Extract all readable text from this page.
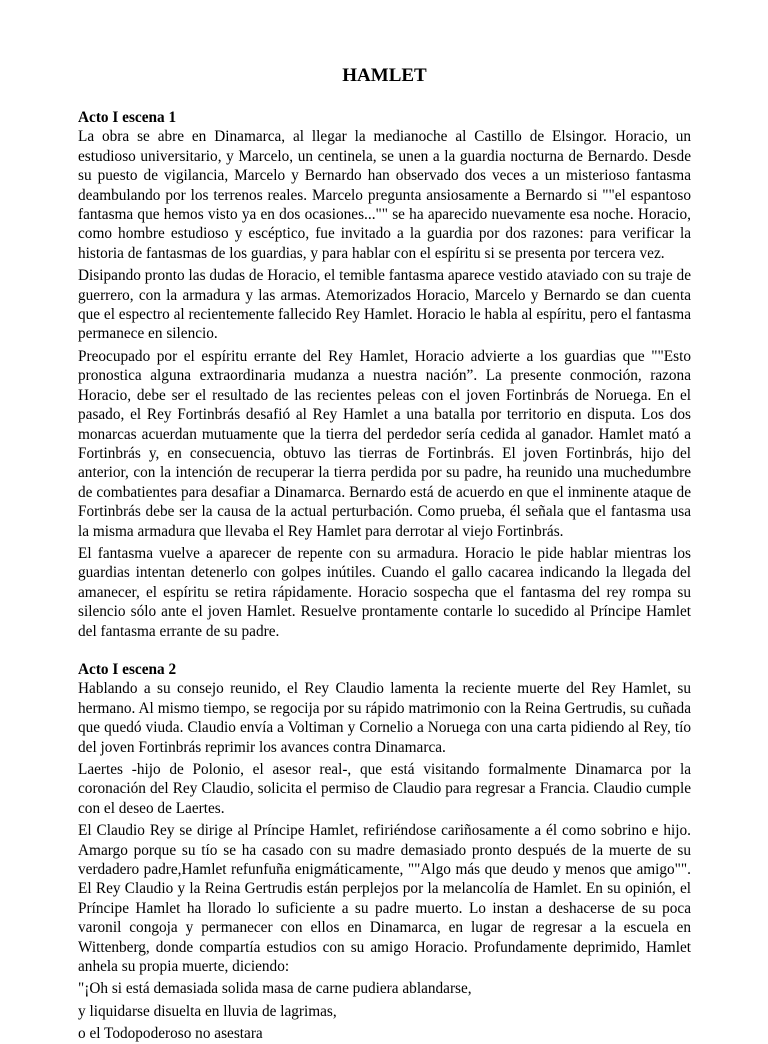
HAMLET
Acto I escena 1

La obra se abre en Dinamarca, al llegar la medianoche al Castillo de Elsingor. Horacio, un estudioso universitario, y Marcelo, un centinela, se unen a la guardia nocturna de Bernardo. Desde su puesto de vigilancia, Marcelo y Bernardo han observado dos veces a un misterioso fantasma deambulando por los terrenos reales. Marcelo pregunta ansiosamente a Bernardo si ""el espantoso fantasma que hemos visto ya en dos ocasiones..."" se ha aparecido nuevamente esa noche. Horacio, como hombre estudioso y escéptico, fue invitado a la guardia por dos razones: para verificar la historia de fantasmas de los guardias, y para hablar con el espíritu si se presenta por tercera vez.

Disipando pronto las dudas de Horacio, el temible fantasma aparece vestido ataviado con su traje de guerrero, con la armadura y las armas. Atemorizados Horacio, Marcelo y Bernardo se dan cuenta que el espectro al recientemente fallecido Rey Hamlet. Horacio le habla al espíritu, pero el fantasma permanece en silencio.

Preocupado por el espíritu errante del Rey Hamlet, Horacio advierte a los guardias que ""Esto pronostica alguna extraordinaria mudanza a nuestra nación”. La presente conmoción, razona Horacio, debe ser el resultado de las recientes peleas con el joven Fortinbrás de Noruega. En el pasado, el Rey Fortinbrás desafió al Rey Hamlet a una batalla por territorio en disputa. Los dos monarcas acuerdan mutuamente que la tierra del perdedor sería cedida al ganador. Hamlet mató a Fortinbrás y, en consecuencia, obtuvo las tierras de Fortinbrás. El joven Fortinbrás, hijo del anterior, con la intención de recuperar la tierra perdida por su padre, ha reunido una muchedumbre de combatientes para desafiar a Dinamarca. Bernardo está de acuerdo en que el inminente ataque de Fortinbrás debe ser la causa de la actual perturbación. Como prueba, él señala que el fantasma usa la misma armadura que llevaba el Rey Hamlet para derrotar al viejo Fortinbrás.

El fantasma vuelve a aparecer de repente con su armadura. Horacio le pide hablar mientras los guardias intentan detenerlo con golpes inútiles. Cuando el gallo cacarea indicando la llegada del amanecer, el espíritu se retira rápidamente. Horacio sospecha que el fantasma del rey rompa su silencio sólo ante el joven Hamlet. Resuelve prontamente contarle lo sucedido al Príncipe Hamlet del fantasma errante de su padre.

Acto I escena 2

Hablando a su consejo reunido, el Rey Claudio lamenta la reciente muerte del Rey Hamlet, su hermano. Al mismo tiempo, se regocija por su rápido matrimonio con la Reina Gertrudis, su cuñada que quedó viuda. Claudio envía a Voltiman y Cornelio a Noruega con una carta pidiendo al Rey, tío del joven Fortinbrás reprimir los avances contra Dinamarca.

Laertes -hijo de Polonio, el asesor real-, que está visitando formalmente Dinamarca por la coronación del Rey Claudio, solicita el permiso de Claudio para regresar a Francia. Claudio cumple con el deseo de Laertes.

El Claudio Rey se dirige al Príncipe Hamlet, refiriéndose cariñosamente a él como sobrino e hijo. Amargo porque su tío se ha casado con su madre demasiado pronto después de la muerte de su verdadero padre,Hamlet refunfuña enigmáticamente, ""Algo más que deudo y menos que amigo"". El Rey Claudio y la Reina Gertrudis están perplejos por la melancolía de Hamlet. En su opinión, el Príncipe Hamlet ha llorado lo suficiente a su padre muerto. Lo instan a deshacerse de su poca varonil congoja y permanecer con ellos en Dinamarca, en lugar de regresar a la escuela en Wittenberg, donde compartía estudios con su amigo Horacio. Profundamente deprimido, Hamlet anhela su propia muerte, diciendo:

"¡Oh si está demasiada solida masa de carne pudiera ablandarse,
y liquidarse disuelta en lluvia de lagrimas,
o el Todopoderoso no asestara
